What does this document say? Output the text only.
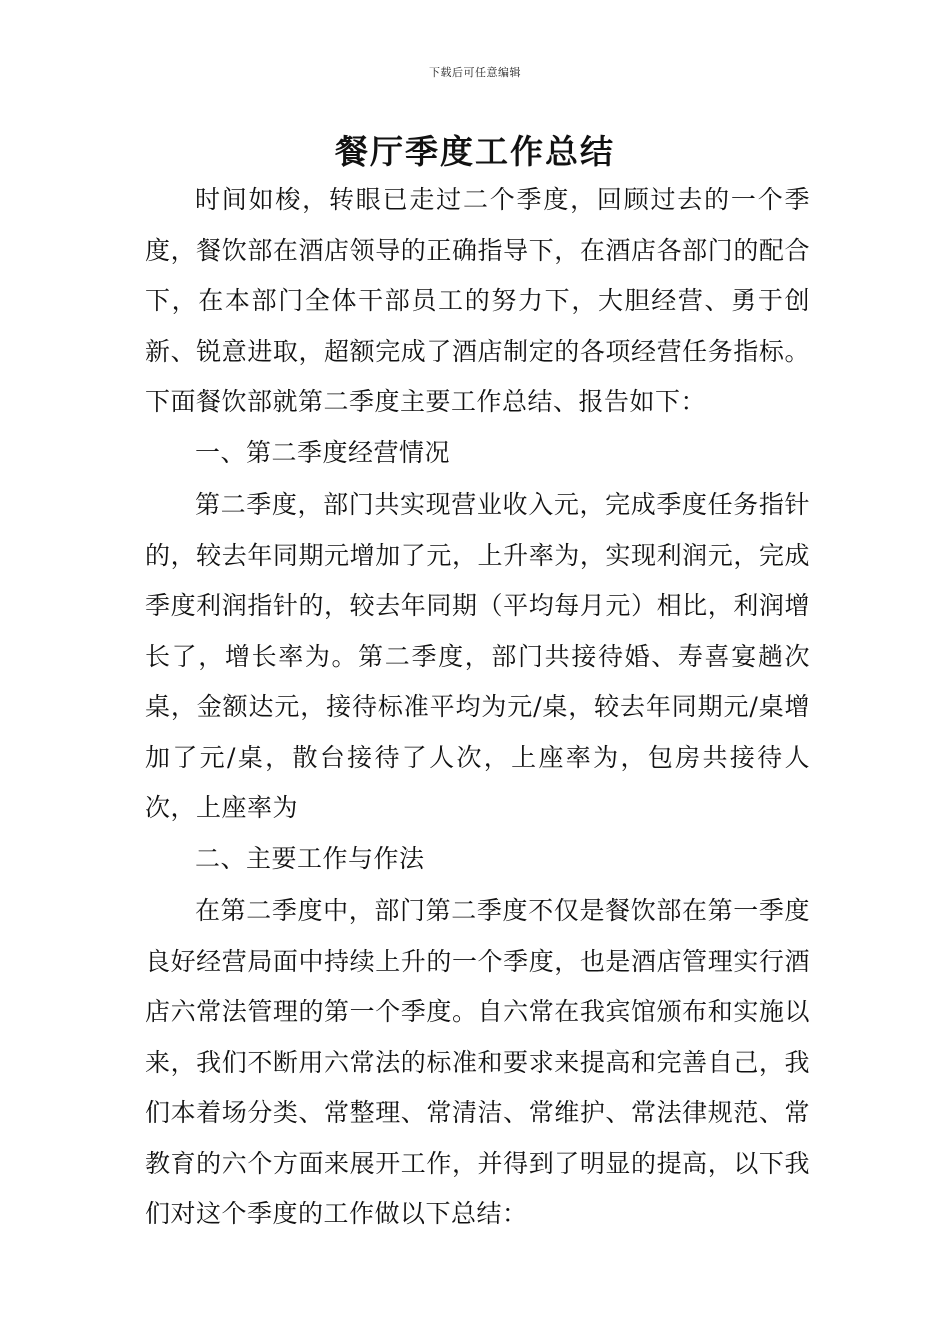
下载后可任意编辑
餐厅季度工作总结

时间如梭，转眼已走过二个季度，回顾过去的一个季度，餐饮部在酒店领导的正确指导下，在酒店各部门的配合下，在本部门全体干部员工的努力下，大胆经营、勇于创新、锐意进取，超额完成了酒店制定的各项经营任务指标。下面餐饮部就第二季度主要工作总结、报告如下：

一、第二季度经营情况

第二季度，部门共实现营业收入元，完成季度任务指针的，较去年同期元增加了元，上升率为，实现利润元，完成季度利润指针的，较去年同期（平均每月元）相比，利润增长了，增长率为。第二季度，部门共接待婚、寿喜宴趟次桌，金额达元，接待标准平均为元/桌，较去年同期元/桌增加了元/桌，散台接待了人次，上座率为，包房共接待人次，上座率为

二、主要工作与作法

在第二季度中，部门第二季度不仅是餐饮部在第一季度良好经营局面中持续上升的一个季度，也是酒店管理实行酒店六常法管理的第一个季度。自六常在我宾馆颁布和实施以来，我们不断用六常法的标准和要求来提高和完善自己，我们本着场分类、常整理、常清洁、常维护、常法律规范、常教育的六个方面来展开工作，并得到了明显的提高，以下我们对这个季度的工作做以下总结：
